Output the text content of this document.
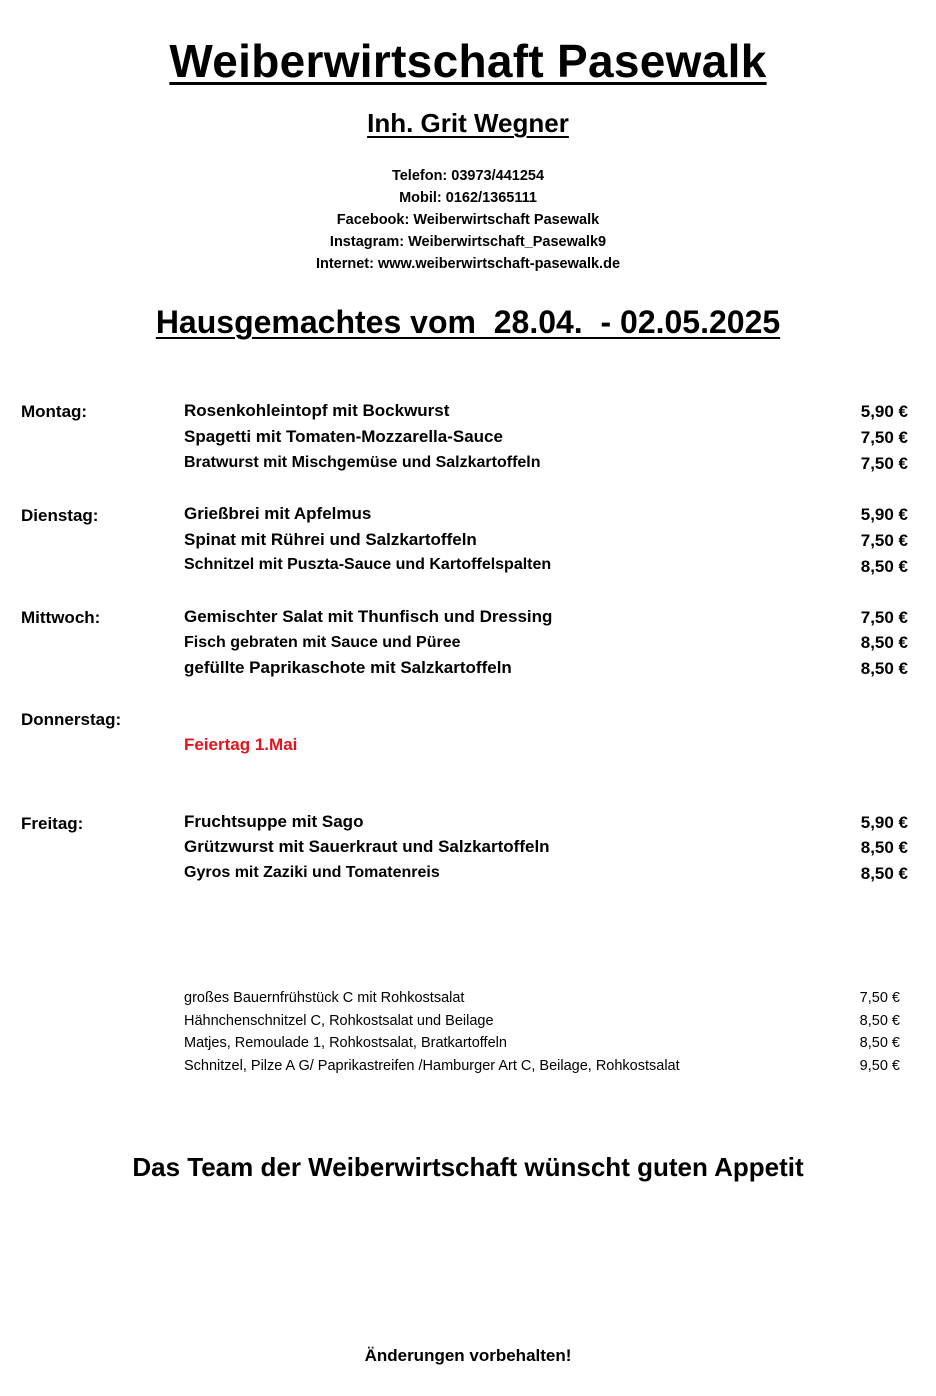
Weiberwirtschaft Pasewalk
Inh. Grit Wegner
Telefon: 03973/441254
Mobil: 0162/1365111
Facebook: Weiberwirtschaft Pasewalk
Instagram: Weiberwirtschaft_Pasewalk9
Internet: www.weiberwirtschaft-pasewalk.de
Hausgemachtes vom  28.04.  - 02.05.2025
Montag:	Rosenkohleintopf mit Bockwurst	5,90 €
Spagetti mit Tomaten-Mozzarella-Sauce	7,50 €
Bratwurst mit Mischgemüse und Salzkartoffeln	7,50 €
Dienstag:	Grießbrei mit Apfelmus	5,90 €
Spinat mit Rührei und Salzkartoffeln	7,50 €
Schnitzel mit Puszta-Sauce und Kartoffelspalten	8,50 €
Mittwoch:	Gemischter Salat mit Thunfisch und Dressing	7,50 €
Fisch gebraten mit Sauce und Püree	8,50 €
gefüllte Paprikaschote mit Salzkartoffeln	8,50 €
Donnerstag:
Feiertag 1.Mai
Freitag:	Fruchtsuppe mit Sago	5,90 €
Grützwurst mit Sauerkraut und Salzkartoffeln	8,50 €
Gyros mit Zaziki und Tomatenreis	8,50 €
großes Bauernfrühstück C mit Rohkostsalat	7,50 €
Hähnchenschnitzel C, Rohkostsalat und Beilage	8,50 €
Matjes, Remoulade 1, Rohkostsalat, Bratkartoffeln	8,50 €
Schnitzel, Pilze A G/ Paprikastreifen /Hamburger Art C, Beilage, Rohkostsalat	9,50 €
Das Team der Weiberwirtschaft wünscht guten Appetit
Änderungen vorbehalten!
